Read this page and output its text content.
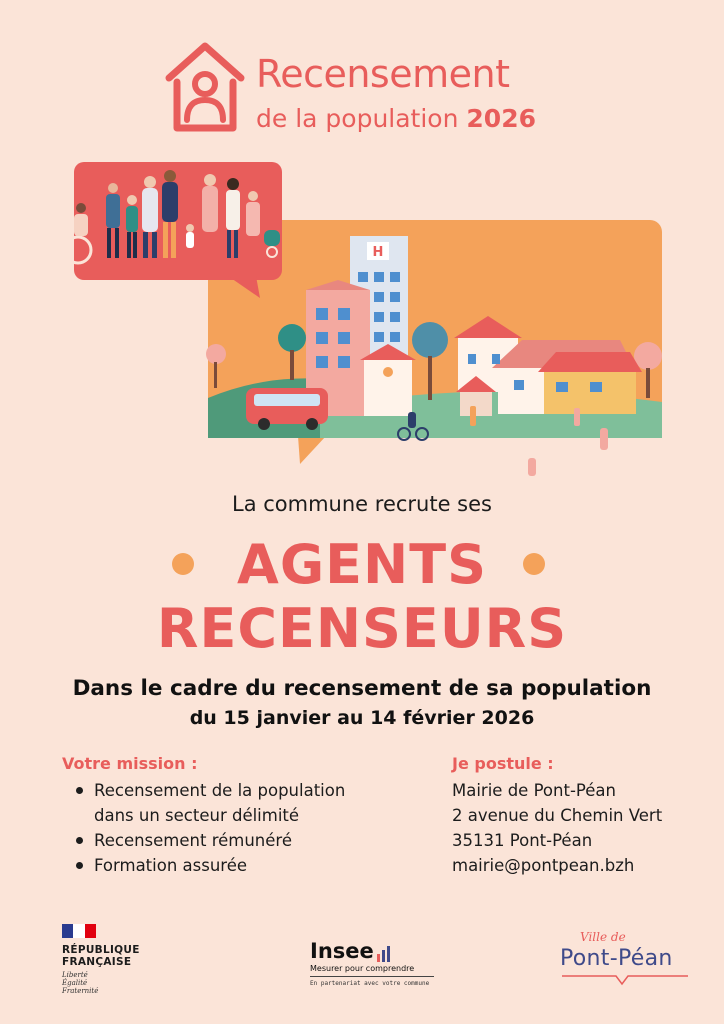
Recensement
de la population 2026
H
La commune recrute ses
AGENTS
RECENSEURS
Dans le cadre du recensement de sa population
du 15 janvier au 14 février 2026
Votre mission :
Recensement de la population
dans un secteur délimité
Recensement rémunéré
Formation assurée
Je postule :
Mairie de Pont-Péan
2 avenue du Chemin Vert
35131 Pont-Péan
mairie@pontpean.bzh
RÉPUBLIQUE
FRANÇAISE
Liberté
Égalité
Fraternité
Insee
Mesurer pour comprendre
En partenariat avec votre commune
Ville de
Pont-Péan
